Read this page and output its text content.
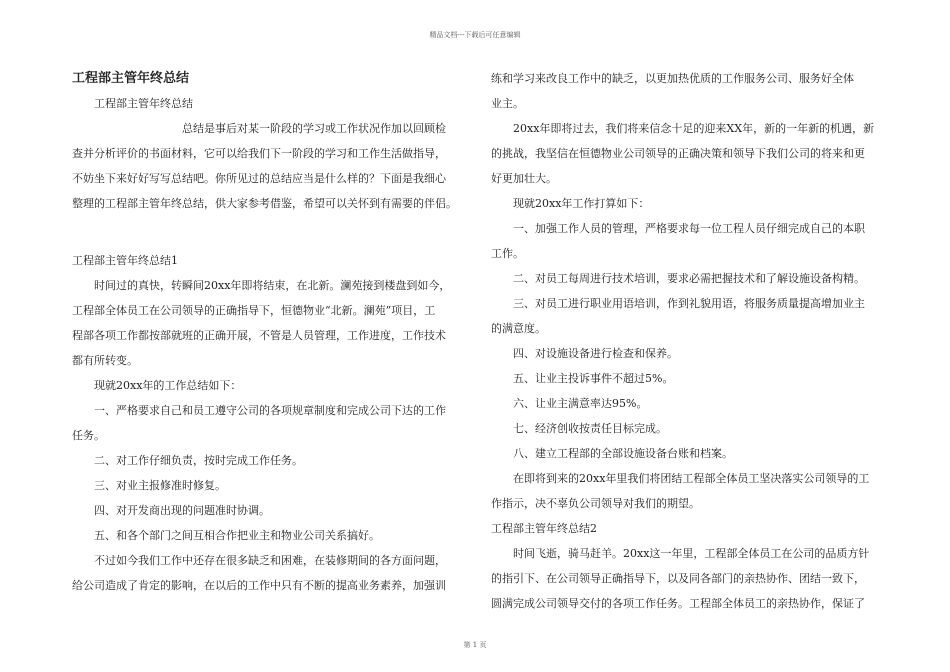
精品文档---下载后可任意编辑
工程部主管年终总结
工程部主管年终总结
总结是事后对某一阶段的学习或工作状况作加以回顾检
查并分析评价的书面材料，它可以给我们下一阶段的学习和工作生活做指导，
不妨坐下来好好写写总结吧。你所见过的总结应当是什么样的？下面是我细心
整理的工程部主管年终总结，供大家参考借鉴，希望可以关怀到有需要的伴侣。
工程部主管年终总结1
时间过的真快，转瞬间20xx年即将结束，在北新。澜苑接到楼盘到如今，
工程部全体员工在公司领导的正确指导下，恒德物业“北新。澜苑”项目，工
程部各项工作都按部就班的正确开展，不管是人员管理，工作进度，工作技术
都有所转变。
现就20xx年的工作总结如下：
一、严格要求自己和员工遵守公司的各项规章制度和完成公司下达的工作
任务。
二、对工作仔细负责，按时完成工作任务。
三、对业主报修准时修复。
四、对开发商出现的问题准时协调。
五、和各个部门之间互相合作把业主和物业公司关系搞好。
不过如今我们工作中还存在很多缺乏和困难，在装修期间的各方面问题，
给公司造成了肯定的影响，在以后的工作中只有不断的提高业务素养，加强训
练和学习来改良工作中的缺乏，以更加热优质的工作服务公司、服务好全体
业主。
20xx年即将过去，我们将来信念十足的迎来XX年，新的一年新的机遇，新
的挑战，我坚信在恒德物业公司领导的正确决策和领导下我们公司的将来和更
好更加壮大。
现就20xx年工作打算如下：
一、加强工作人员的管理，严格要求每一位工程人员仔细完成自己的本职
工作。
二、对员工每周进行技术培训，要求必需把握技术和了解设施设备构精。
三、对员工进行职业用语培训，作到礼貌用语，将服务质量提高增加业主
的满意度。
四、对设施设备进行检查和保养。
五、让业主投诉事件不超过5%。
六、让业主满意率达95%。
七、经济创收按责任目标完成。
八、建立工程部的全部设施设备台账和档案。
在即将到来的20xx年里我们将团结工程部全体员工坚决落实公司领导的工
作指示，决不辜负公司领导对我们的期望。
工程部主管年终总结2
时间飞逝，骑马赶羊。20xx这一年里，工程部全体员工在公司的品质方针
的指引下、在公司领导正确指导下，以及同各部门的亲热协作、团结一致下，
圆满完成公司领导交付的各项工作任务。工程部全体员工的亲热协作，保证了
第 1 页
